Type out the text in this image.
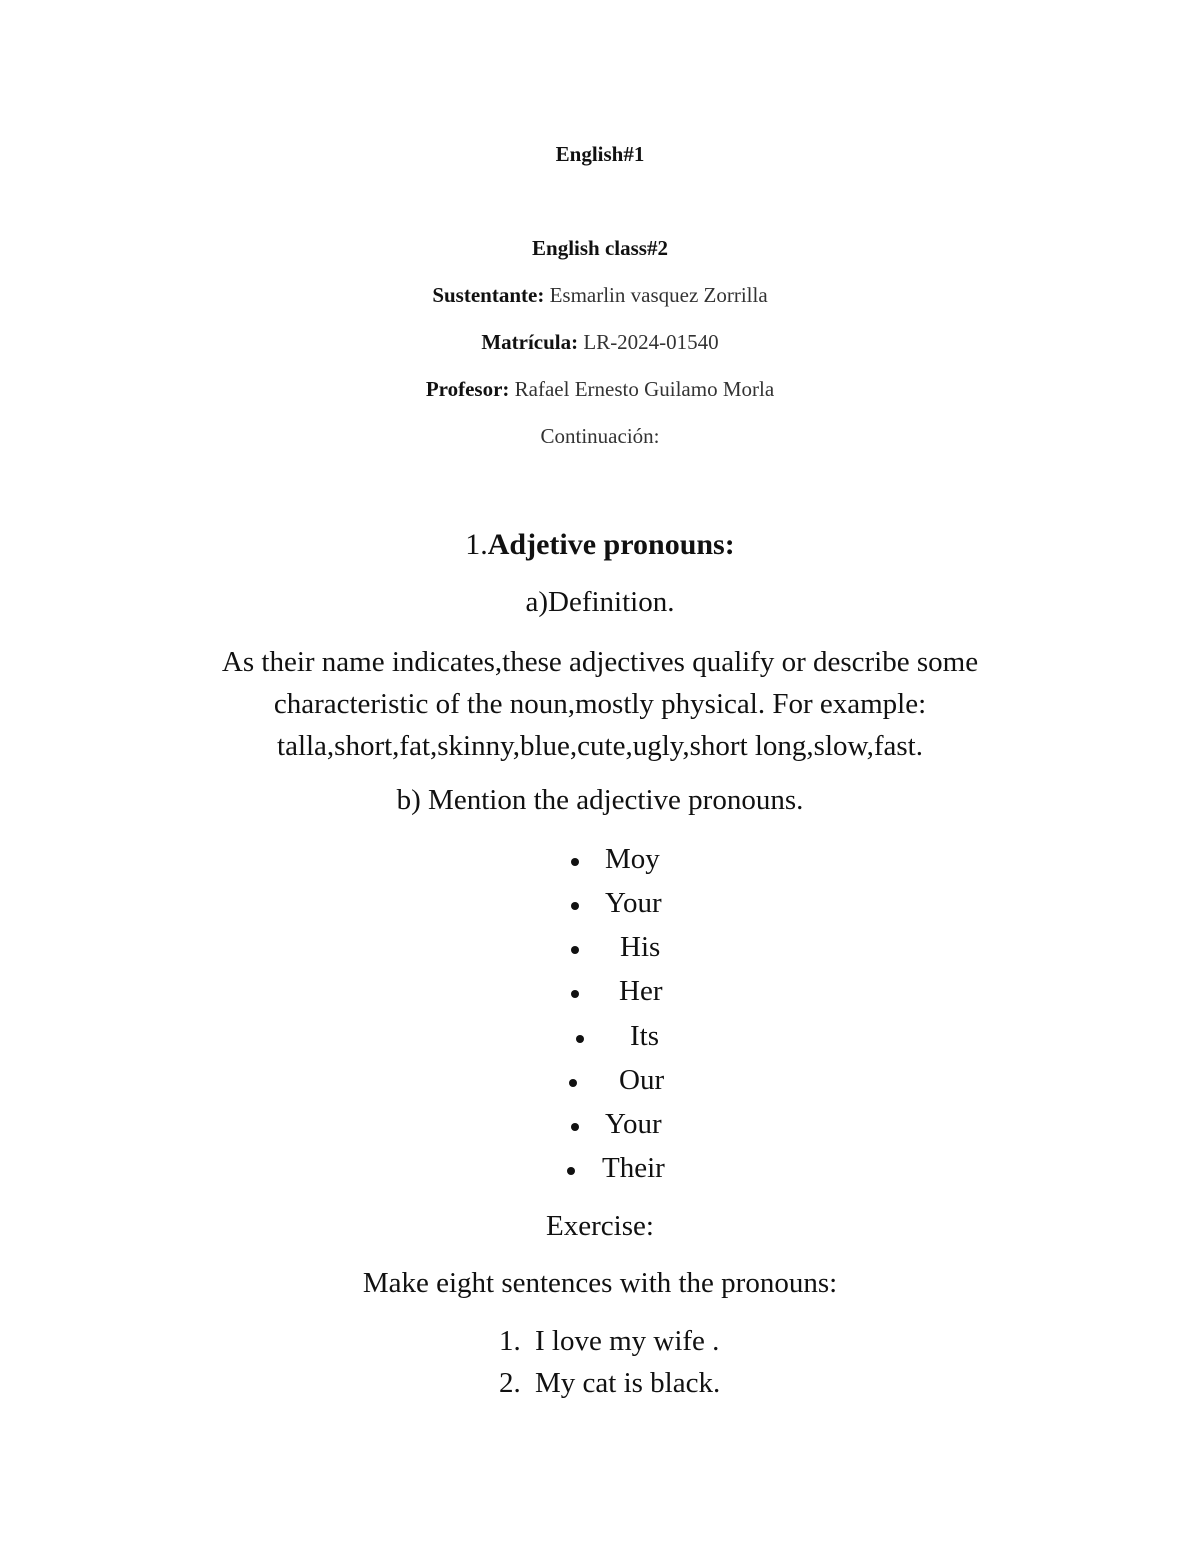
English#1
English class#2
Sustentante: Esmarlin vasquez Zorrilla
Matrícula: LR-2024-01540
Profesor: Rafael Ernesto Guilamo Morla
Continuación:
1.Adjetive pronouns:
a)Definition.
As their name indicates,these adjectives qualify or describe some characteristic of the noun,mostly physical. For example: talla,short,fat,skinny,blue,cute,ugly,short long,slow,fast.
b) Mention the adjective pronouns.
Moy
Your
His
Her
Its
Our
Your
Their
Exercise:
Make eight sentences with the pronouns:
1. I love my wife .
2. My cat is black.
